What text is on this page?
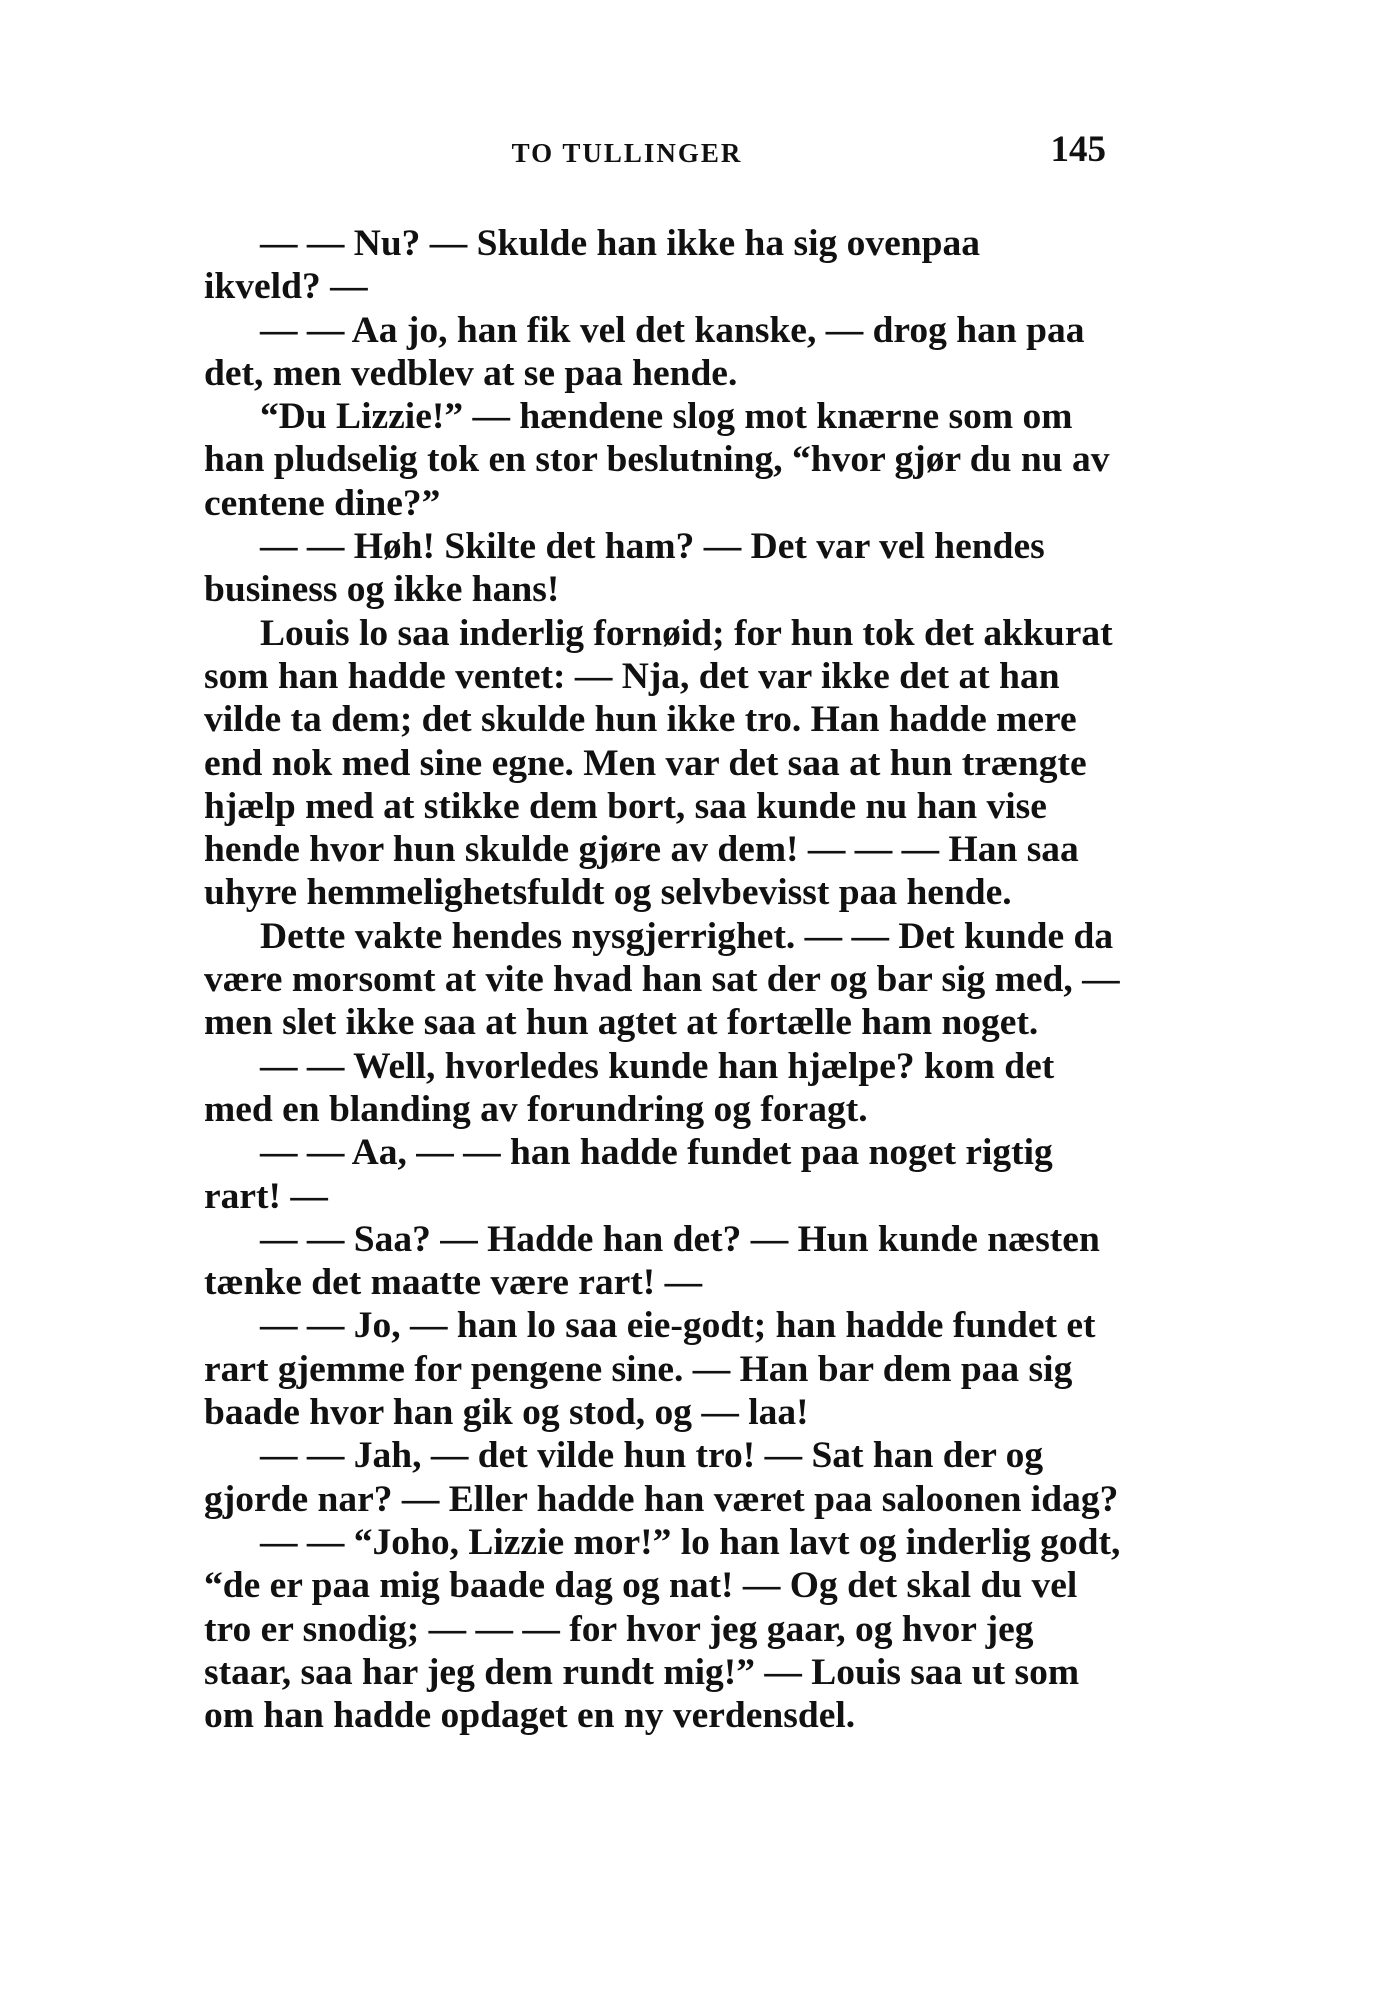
TO TULLINGER	145

— — Nu? — Skulde han ikke ha sig ovenpaa
ikveld? —

— — Aa jo, han fik vel det kanske, — drog han paa
det, men vedblev at se paa hende.

“Du Lizzie!” — hændene slog mot knærne som om
han pludselig tok en stor beslutning, “hvor gjør du nu av
centene dine?”

— — Høh! Skilte det ham? — Det var vel hendes
business og ikke hans!

Louis lo saa inderlig fornøid; for hun tok det akkurat
som han hadde ventet: — Nja, det var ikke det at han
vilde ta dem; det skulde hun ikke tro. Han hadde mere
end nok med sine egne. Men var det saa at hun trængte
hjælp med at stikke dem bort, saa kunde nu han vise
hende hvor hun skulde gjøre av dem! — — — Han saa
uhyre hemmelighetsfuldt og selvbevisst paa hende.

Dette vakte hendes nysgjerrighet. — — Det kunde da
være morsomt at vite hvad han sat der og bar sig med, —
men slet ikke saa at hun agtet at fortælle ham noget.

— — Well, hvorledes kunde han hjælpe? kom det
med en blanding av forundring og foragt.

— — Aa, — — han hadde fundet paa noget rigtig
rart! —

— — Saa? — Hadde han det? — Hun kunde næsten
tænke det maatte være rart! —

— — Jo, — han lo saa eie-godt; han hadde fundet et
rart gjemme for pengene sine. — Han bar dem paa sig
baade hvor han gik og stod, og — laa!

— — Jah, — det vilde hun tro! — Sat han der og
gjorde nar? — Eller hadde han været paa saloonen idag?

— — “Joho, Lizzie mor!” lo han lavt og inderlig godt,
“de er paa mig baade dag og nat! — Og det skal du vel
tro er snodig; — — — for hvor jeg gaar, og hvor jeg
staar, saa har jeg dem rundt mig!” — Louis saa ut som
om han hadde opdaget en ny verdensdel.
